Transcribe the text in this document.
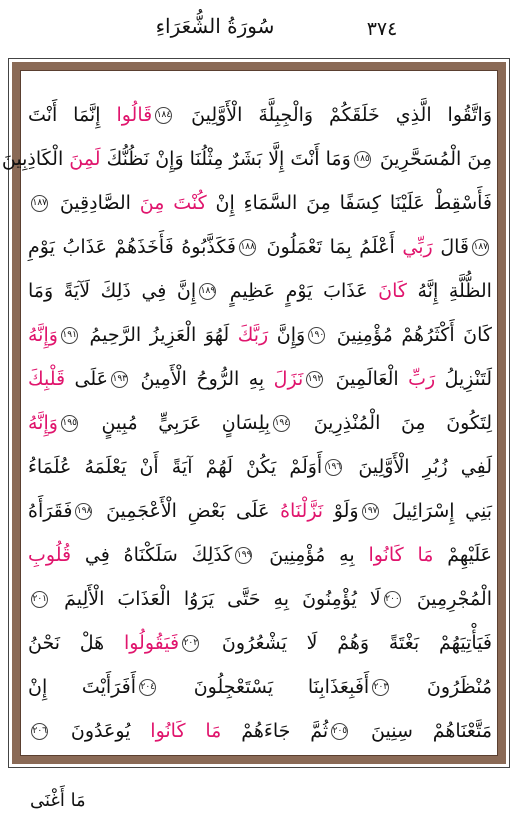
سُورَةُ الشُّعَرَاءِ	٣٧٤
وَاتَّقُوا الَّذِي خَلَقَكُمْ وَالْجِبِلَّةَ الْأَوَّلِينَ ١٨٤قَالُوا إِنَّمَا أَنْتَ
مِنَ الْمُسَحَّرِينَ ١٨٥وَمَا أَنْتَ إِلَّا بَشَرٌ مِثْلُنَا وَإِنْ نَظُنُّكَ لَمِنَ الْكَاذِبِينَ
فَأَسْقِطْ عَلَيْنَا كِسَفًا مِنَ السَّمَاءِ إِنْ كُنْتَ مِنَ الصَّادِقِينَ ١٨٧
١٨٧قَالَ رَبِّي أَعْلَمُ بِمَا تَعْمَلُونَ ١٨٨فَكَذَّبُوهُ فَأَخَذَهُمْ عَذَابُ يَوْمِ
الظُّلَّةِ إِنَّهُ كَانَ عَذَابَ يَوْمٍ عَظِيمٍ ١٨٩إِنَّ فِي ذَلِكَ لَآيَةً وَمَا
كَانَ أَكْثَرُهُمْ مُؤْمِنِينَ ١٩٠وَإِنَّ رَبَّكَ لَهُوَ الْعَزِيزُ الرَّحِيمُ ١٩١وَإِنَّهُ
لَتَنْزِيلُ رَبِّ الْعَالَمِينَ ١٩٢نَزَلَ بِهِ الرُّوحُ الْأَمِينُ ١٩٣عَلَى قَلْبِكَ
لِتَكُونَ مِنَ الْمُنْذِرِينَ ١٩٤بِلِسَانٍ عَرَبِيٍّ مُبِينٍ ١٩٥وَإِنَّهُ
لَفِي زُبُرِ الْأَوَّلِينَ ١٩٦أَوَلَمْ يَكُنْ لَهُمْ آيَةً أَنْ يَعْلَمَهُ عُلَمَاءُ
بَنِي إِسْرَائِيلَ ١٩٧وَلَوْ نَزَّلْنَاهُ عَلَى بَعْضِ الْأَعْجَمِينَ ١٩٨فَقَرَأَهُ
عَلَيْهِمْ مَا كَانُوا بِهِ مُؤْمِنِينَ ١٩٩كَذَلِكَ سَلَكْنَاهُ فِي قُلُوبِ
الْمُجْرِمِينَ ٢٠٠لَا يُؤْمِنُونَ بِهِ حَتَّى يَرَوُا الْعَذَابَ الْأَلِيمَ ٢٠١
فَيَأْتِيَهُمْ بَغْتَةً وَهُمْ لَا يَشْعُرُونَ ٢٠٢فَيَقُولُوا هَلْ نَحْنُ
مُنْظَرُونَ ٢٠٣أَفَبِعَذَابِنَا يَسْتَعْجِلُونَ ٢٠٤أَفَرَأَيْتَ إِنْ
مَتَّعْنَاهُمْ سِنِينَ ٢٠٥ثُمَّ جَاءَهُمْ مَا كَانُوا يُوعَدُونَ ٢٠٦
مَا أَغْنَى
